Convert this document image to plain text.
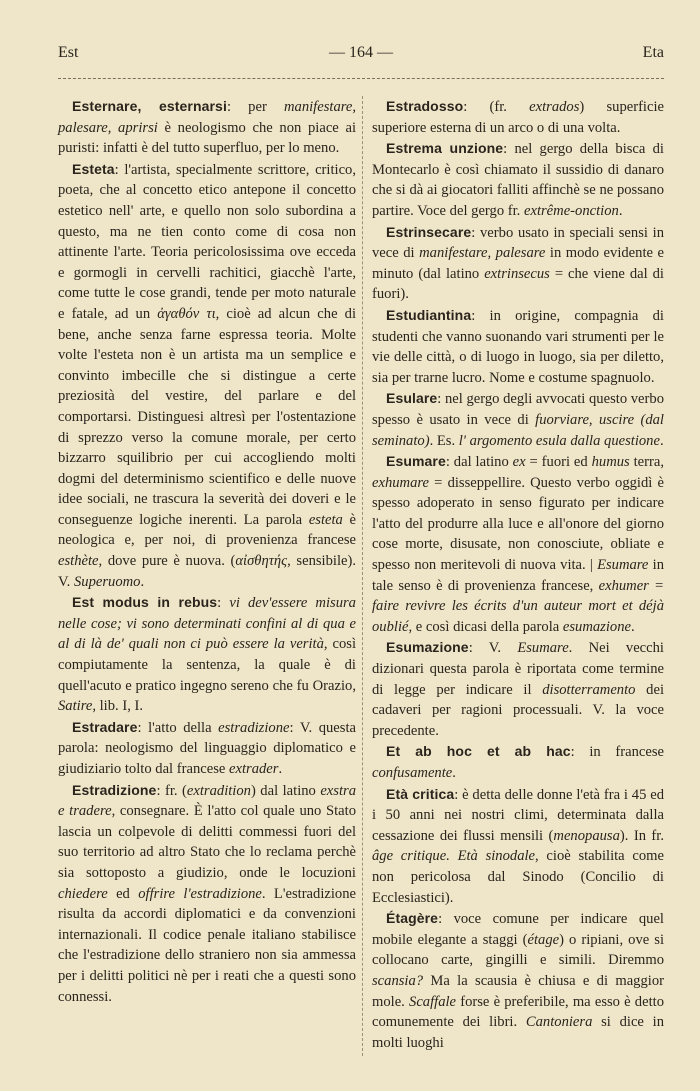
Est	— 164 —	Eta

Esternare, esternarsi: per manifestare, palesare, aprirsi è neologismo che non piace ai puristi: infatti è del tutto superfluo, per lo meno.

Esteta: l'artista, specialmente scrittore, critico, poeta, che al concetto etico antepone il concetto estetico nell' arte, e quello non solo subordina a questo, ma ne tien conto come di cosa non attinente l'arte. Teoria pericolosissima ove ecceda e gormogli in cervelli rachitici, giacchè l'arte, come tutte le cose grandi, tende per moto naturale e fatale, ad un ἀγαθόν τι, cioè ad alcun che di bene, anche senza farne espressa teoria. Molte volte l'esteta non è un artista ma un semplice e convinto imbecille che si distingue a certe preziosità del vestire, del parlare e del comportarsi. Distinguesi altresì per l'ostentazione di sprezzo verso la comune morale, per certo bizzarro squilibrio per cui accogliendo molti dogmi del determinismo scientifico e delle nuove idee sociali, ne trascura la severità dei doveri e le conseguenze logiche inerenti. La parola esteta è neologica e, per noi, di provenienza francese esthète, dove pure è nuova. (αἰσθητής, sensibile). V. Superuomo.

Est modus in rebus: vi dev'essere misura nelle cose; vi sono determinati confini al di qua e al di là de' quali non ci può essere la verità, così compiutamente la sentenza, la quale è di quell'acuto e pratico ingegno sereno che fu Orazio, Satire, lib. I, I.

Estradare: l'atto della estradizione: V. questa parola: neologismo del linguaggio diplomatico e giudiziario tolto dal francese extrader.

Estradizione: fr. (extradition) dal latino exstra e tradere, consegnare. È l'atto col quale uno Stato lascia un colpevole di delitti commessi fuori del suo territorio ad altro Stato che lo reclama perchè sia sottoposto a giudizio, onde le locuzioni chiedere ed offrire l'estradizione. L'estradizione risulta da accordi diplomatici e da convenzioni internazionali. Il codice penale italiano stabilisce che l'estradizione dello straniero non sia ammessa per i delitti politici nè per i reati che a questi sono connessi.

Estradosso: (fr. extrados) superficie superiore esterna di un arco o di una volta.

Estrema unzione: nel gergo della bisca di Montecarlo è così chiamato il sussidio di danaro che si dà ai giocatori falliti affinchè se ne possano partire. Voce del gergo fr. extrême-onction.

Estrinsecare: verbo usato in speciali sensi in vece di manifestare, palesare in modo evidente e minuto (dal latino extrinsecus = che viene dal di fuori).

Estudiantina: in origine, compagnia di studenti che vanno suonando vari strumenti per le vie delle città, o di luogo in luogo, sia per diletto, sia per trarne lucro. Nome e costume spagnuolo.

Esulare: nel gergo degli avvocati questo verbo spesso è usato in vece di fuorviare, uscire (dal seminato). Es. l' argomento esula dalla questione.

Esumare: dal latino ex = fuori ed humus terra, exhumare = disseppellire. Questo verbo oggidì è spesso adoperato in senso figurato per indicare l'atto del produrre alla luce e all'onore del giorno cose morte, disusate, non conosciute, obliate e spesso non meritevoli di nuova vita. | Esumare in tale senso è di provenienza francese, exhumer = faire revivre les écrits d'un auteur mort et déjà oublié, e così dicasi della parola esumazione.

Esumazione: V. Esumare. Nei vecchi dizionari questa parola è riportata come termine di legge per indicare il disotterramento dei cadaveri per ragioni processuali. V. la voce precedente.

Et ab hoc et ab hac: in francese confusamente.

Età critica: è detta delle donne l'età fra i 45 ed i 50 anni nei nostri climi, determinata dalla cessazione dei flussi mensili (menopausa). In fr. âge critique. Età sinodale, cioè stabilita come non pericolosa dal Sinodo (Concilio di Ecclesiastici).

Étagère: voce comune per indicare quel mobile elegante a staggi (étage) o ripiani, ove si collocano carte, gingilli e simili. Diremmo scansia? Ma la scausia è chiusa e di maggior mole. Scaffale forse è preferibile, ma esso è detto comunemente dei libri. Cantoniera si dice in molti luoghi
